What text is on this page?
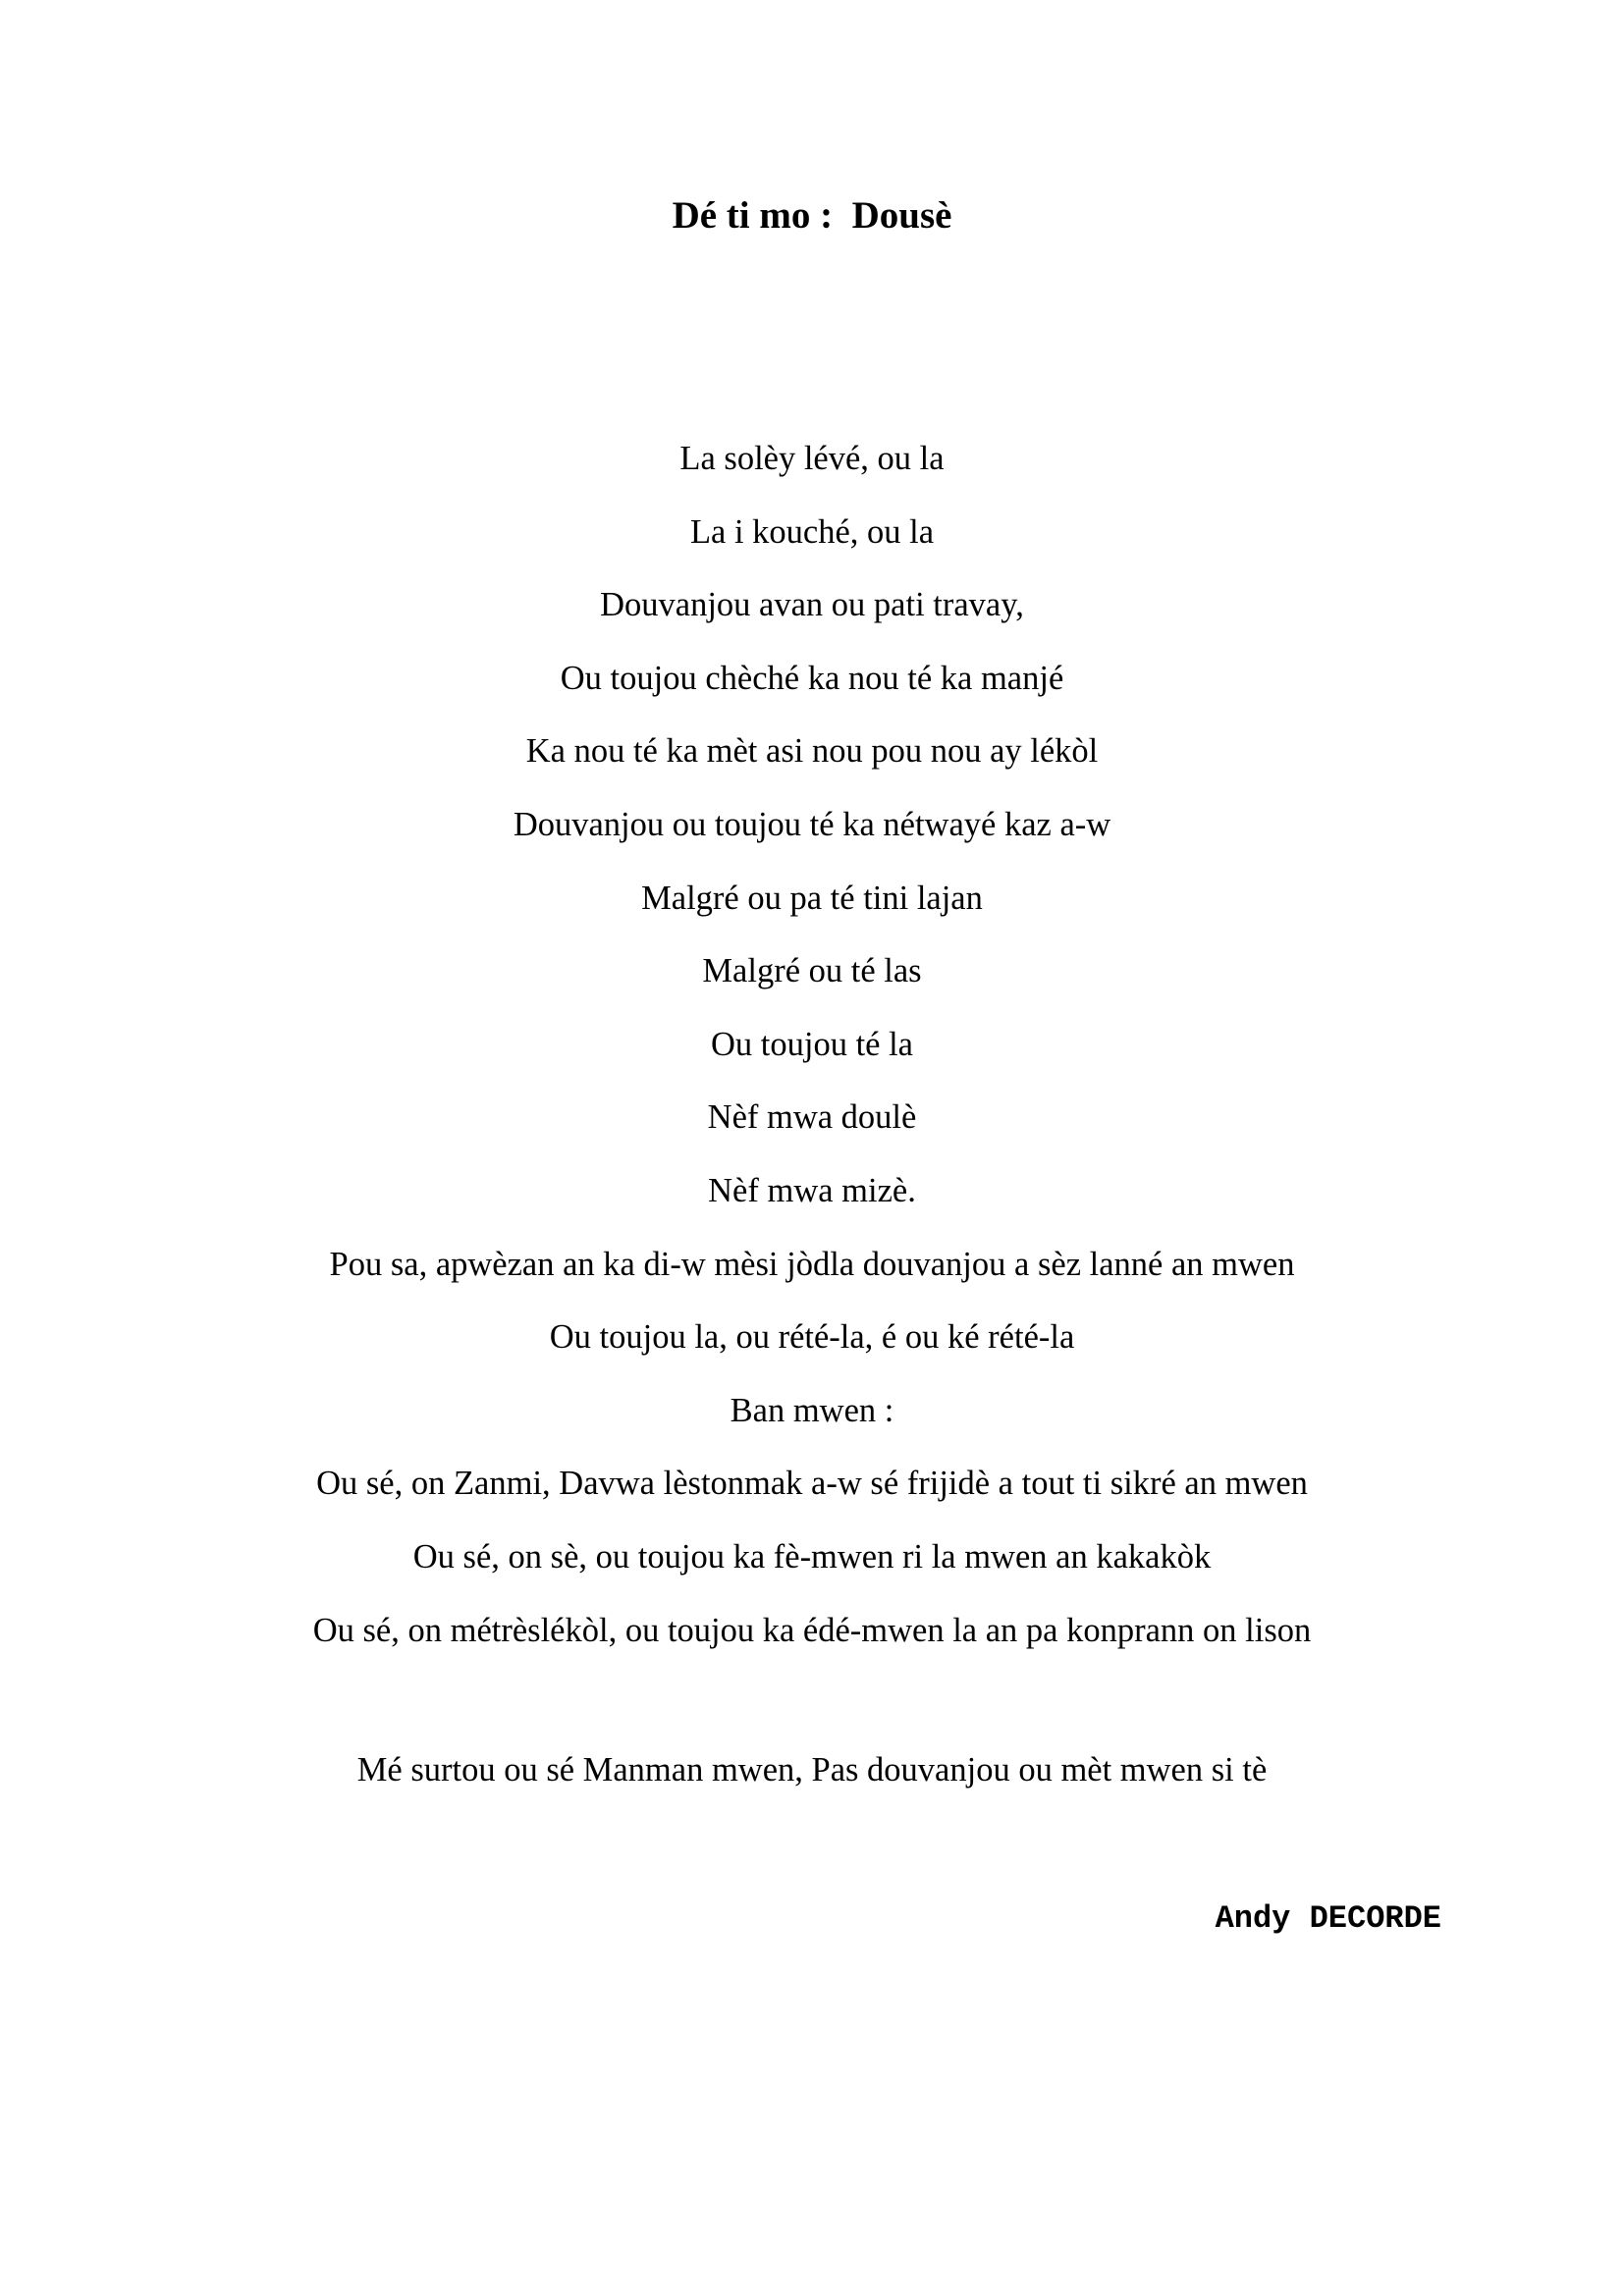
Dé ti mo :  Dousè
La solèy lévé, ou la
La i kouché, ou la
Douvanjou avan ou pati travay,
Ou toujou chèché ka nou té ka manjé
Ka nou té ka mèt asi nou pou nou ay lékòl
Douvanjou ou toujou té ka nétwayé kaz a-w
Malgré ou pa té tini lajan
Malgré ou té las
Ou toujou té la
Nèf mwa doulè
Nèf mwa mizè.
Pou sa, apwèzan an ka di-w mèsi jòdla douvanjou a sèz lanné an mwen
Ou toujou la, ou rété-la, é ou ké rété-la
Ban mwen :
Ou sé, on Zanmi, Davwa lèstonmak a-w sé frijidè a tout ti sikré an mwen
Ou sé, on sè, ou toujou ka fè-mwen ri la mwen an kakakòk
Ou sé, on métrèslékòl, ou toujou ka édé-mwen la an pa konprann on lison

Mé surtou ou sé Manman mwen, Pas douvanjou ou mèt mwen si tè

Andy DECORDE
